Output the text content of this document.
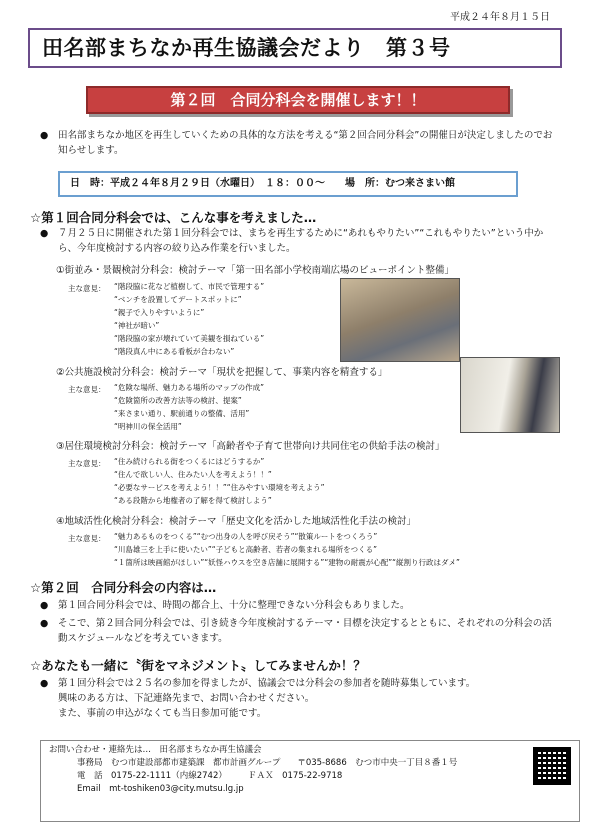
平成２４年８月１５日
田名部まちなか再生協議会だより　第３号
第２回　合同分科会を開催します！！
● 田名部まちなか地区を再生していくための具体的な方法を考える“第２回合同分科会”の開催日が決定しましたのでお知らせします。
日　時：平成２４年８月２９日（水曜日）　１８：００～　　場　所：むつ来さまい館
☆第１回合同分科会では、こんな事を考えました…
● ７月２５日に開催された第１回分科会では、まちを再生するために“あれもやりたい”“これもやりたい”という中から、今年度検討する内容の絞り込み作業を行いました。
①街並み・景観検討分科会：検討テーマ「第一田名部小学校南端広場のビューポイント整備」
主な意見： “階段脇に花など植樹して、市民で管理する”
“ベンチを設置してデートスポットに”
“親子で入りやすいように”
“神社が暗い”
“階段脇の家が壊れていて美観を損ねている”
“階段真ん中にある看板が合わない”
②公共施設検討分科会：検討テーマ「現状を把握して、事業内容を精査する」
主な意見： “危険な場所、魅力ある場所のマップの作成”
“危険箇所の改善方法等の検討、提案”
“来さまい通り、駅前通りの整備、活用”
“明神川の保全活用”
③居住環境検討分科会：検討テーマ「高齢者や子育て世帯向け共同住宅の供給手法の検討」
主な意見： “住み続けられる街をつくるにはどうするか”
“住んで欲しい人、住みたい人を考えよう！！”
“必要なサービスを考えよう！！”“住みやすい環境を考えよう”
“ある段階から地権者の了解を得て検討しよう”
④地域活性化検討分科会：検討テーマ「歴史文化を活かした地域活性化手法の検討」
主な意見： “魅力あるものをつくる”“むつ出身の人を呼び戻そう”“散策ルートをつくろう”
“川島雄三を上手に使いたい”“子どもと高齢者、若者の集まれる場所をつくる”
“１箇所は映画館がほしい”“妖怪ハウスを空き店舗に展開する”“建物の耐震が心配”“縦割り行政はダメ”
☆第２回　合同分科会の内容は…
● 第１回合同分科会では、時間の都合上、十分に整理できない分科会もありました。
● そこで、第２回合同分科会では、引き続き今年度検討するテーマ・目標を決定するとともに、それぞれの分科会の活動スケジュールなどを考えていきます。
☆あなたも一緒に〝街をマネジメント〟してみませんか！？
● 第１回分科会では２５名の参加を得ましたが、協議会では分科会の参加者を随時募集しています。
興味のある方は、下記連絡先まで、お問い合わせください。
また、事前の申込がなくても当日参加可能です。
お問い合わせ・連絡先は…　田名部まちなか再生協議会
事務局　むつ市建設部都市建築課　都市計画グループ　　〒035-8686　むつ市中央一丁目８番１号
電　話　0175-22-1111（内線2742）　　　ＦＡＸ　0175-22-9718
Email　mt-toshiken03@city.mutsu.lg.jp
